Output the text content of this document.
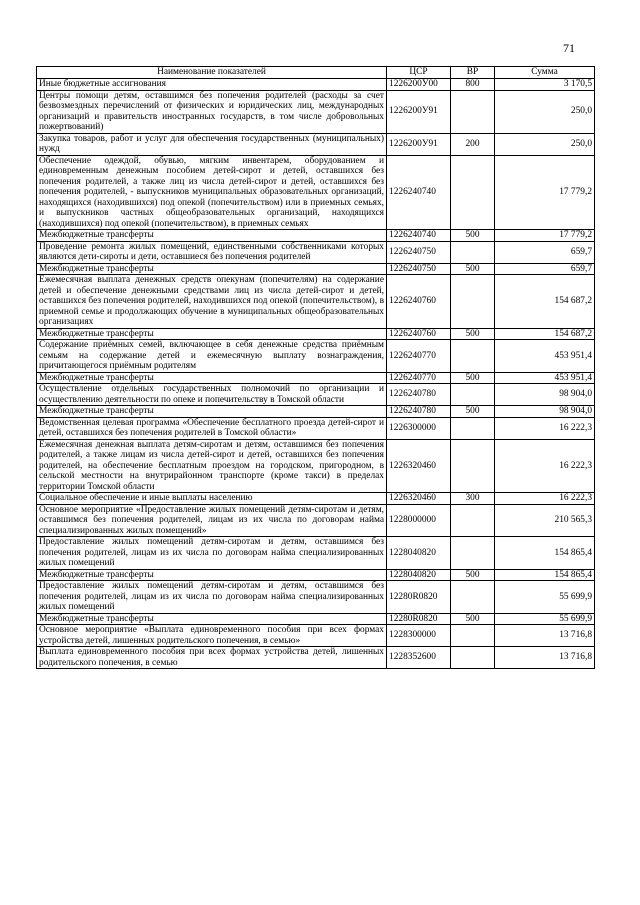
71
Наименование показателей	ЦСР	ВР	Сумма
Иные бюджетные ассигнования	1226200У00	800	3 170,5
Центры помощи детям, оставшимся без попечения родителей (расходы за счет безвозмездных перечислений от физических и юридических лиц, международных организаций и правительств иностранных государств, в том числе добровольных пожертвований)	1226200У91		250,0
Закупка товаров, работ и услуг для обеспечения государственных (муниципальных) нужд	1226200У91	200	250,0
Обеспечение одеждой, обувью, мягким инвентарем, оборудованием и единовременным денежным пособием детей-сирот и детей, оставшихся без попечения родителей, а также лиц из числа детей-сирот и детей, оставшихся без попечения родителей, - выпускников муниципальных образовательных организаций, находящихся (находившихся) под опекой (попечительством) или в приемных семьях, и выпускников частных общеобразовательных организаций, находящихся (находившихся) под опекой (попечительством), в приемных семьях	1226240740		17 779,2
Межбюджетные трансферты	1226240740	500	17 779,2
Проведение ремонта жилых помещений, единственными собственниками которых являются дети-сироты и дети, оставшиеся без попечения родителей	1226240750		659,7
Межбюджетные трансферты	1226240750	500	659,7
Ежемесячная выплата денежных средств опекунам (попечителям) на содержание детей и обеспечение денежными средствами лиц из числа детей-сирот и детей, оставшихся без попечения родителей, находившихся под опекой (попечительством), в приемной семье и продолжающих обучение в муниципальных общеобразовательных организациях	1226240760		154 687,2
Межбюджетные трансферты	1226240760	500	154 687,2
Содержание приёмных семей, включающее в себя денежные средства приёмным семьям на содержание детей и ежемесячную выплату вознаграждения, причитающегося приёмным родителям	1226240770		453 951,4
Межбюджетные трансферты	1226240770	500	453 951,4
Осуществление отдельных государственных полномочий по организации и осуществлению деятельности по опеке и попечительству в Томской области	1226240780		98 904,0
Межбюджетные трансферты	1226240780	500	98 904,0
Ведомственная целевая программа «Обеспечение бесплатного проезда детей-сирот и детей, оставшихся без попечения родителей в Томской области»	1226300000		16 222,3
Ежемесячная денежная выплата детям-сиротам и детям, оставшимся без попечения родителей, а также лицам из числа детей-сирот и детей, оставшихся без попечения родителей, на обеспечение бесплатным проездом на городском, пригородном, в сельской местности на внутрирайонном транспорте (кроме такси) в пределах территории Томской области	1226320460		16 222,3
Социальное обеспечение и иные выплаты населению	1226320460	300	16 222,3
Основное мероприятие «Предоставление жилых помещений детям-сиротам и детям, оставшимся без попечения родителей, лицам из их числа по договорам найма специализированных жилых помещений»	1228000000		210 565,3
Предоставление жилых помещений детям-сиротам и детям, оставшимся без попечения родителей, лицам из их числа по договорам найма специализированных жилых помещений	1228040820		154 865,4
Межбюджетные трансферты	1228040820	500	154 865,4
Предоставление жилых помещений детям-сиротам и детям, оставшимся без попечения родителей, лицам из их числа по договорам найма специализированных жилых помещений	12280R0820		55 699,9
Межбюджетные трансферты	12280R0820	500	55 699,9
Основное мероприятие «Выплата единовременного пособия при всех формах устройства детей, лишенных родительского попечения, в семью»	1228300000		13 716,8
Выплата единовременного пособия при всех формах устройства детей, лишенных родительского попечения, в семью	1228352600		13 716,8
